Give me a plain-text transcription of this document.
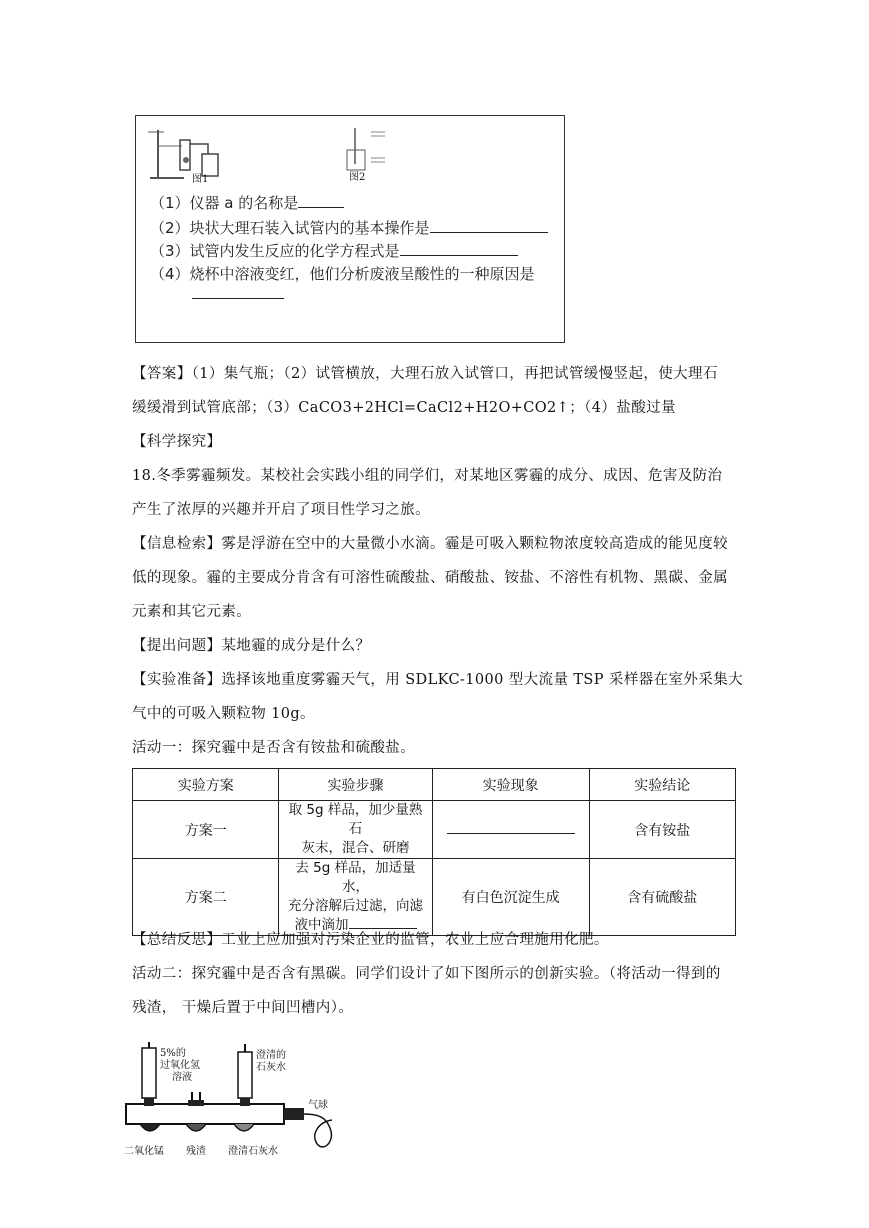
图1	图2
（1）仪器 a 的名称是
（2）块状大理石装入试管内的基本操作是
（3）试管内发生反应的化学方程式是
（4）烧杯中溶液变红，他们分析废液呈酸性的一种原因是
【答案】（1）集气瓶；（2）试管横放，大理石放入试管口，再把试管缓慢竖起，使大理石
缓缓滑到试管底部；（3）CaCO3+2HCl=CaCl2+H2O+CO2↑；（4）盐酸过量
【科学探究】
18.冬季雾霾频发。某校社会实践小组的同学们，对某地区雾霾的成分、成因、危害及防治
产生了浓厚的兴趣并开启了项目性学习之旅。
【信息检索】雾是浮游在空中的大量微小水滴。霾是可吸入颗粒物浓度较高造成的能见度较
低的现象。霾的主要成分肯含有可溶性硫酸盐、硝酸盐、铵盐、不溶性有机物、黑碳、金属
元素和其它元素。
【提出问题】某地霾的成分是什么？
【实验准备】选择该地重度雾霾天气，用 SDLKC-1000 型大流量 TSP 采样器在室外采集大
气中的可吸入颗粒物 10g。
活动一：探究霾中是否含有铵盐和硫酸盐。
实验方案	实验步骤	实验现象	实验结论
方案一	取 5g 样品，加少量熟石
灰末，混合、研磨		含有铵盐
方案二	去 5g 样品，加适量水，
充分溶解后过滤，向滤
液中滴加	有白色沉淀生成	含有硫酸盐
【总结反思】工业上应加强对污染企业的监管，农业上应合理施用化肥。
活动二：探究霾中是否含有黑碳。同学们设计了如下图所示的创新实验。（将活动一得到的
残渣， 干燥后置于中间凹槽内）。
5%的
过氧化氢
溶液
澄清的
石灰水
气球
二氧化锰 残渣 澄清石灰水
